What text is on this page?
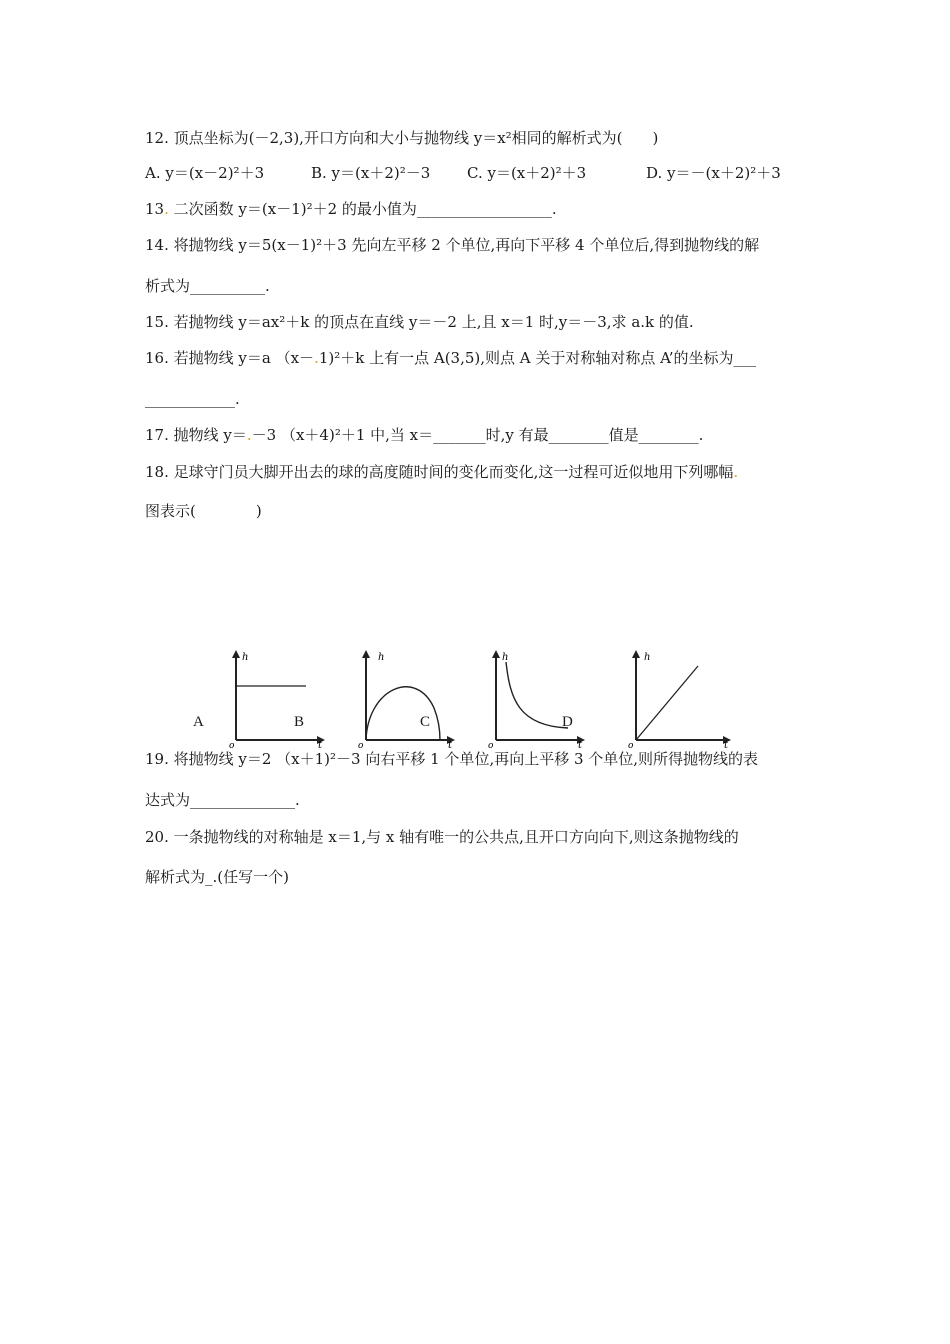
12. 顶点坐标为(－2,3),开口方向和大小与抛物线 y＝x²相同的解析式为(　　)
A. y＝(x－2)²＋3	B. y＝(x＋2)²－3 C. y＝(x＋2)²＋3	D. y＝－(x＋2)²＋3
13. 二次函数 y＝(x－1)²＋2 的最小值为__________________.
14. 将抛物线 y＝5(x－1)²＋3 先向左平移 2 个单位,再向下平移 4 个单位后,得到抛物线的解
析式为__________.
15. 若抛物线 y＝ax²＋k 的顶点在直线 y＝－2 上,且 x＝1 时,y＝－3,求 a.k 的值.
16. 若抛物线 y＝a （x－.1)²＋k 上有一点 A(3,5),则点 A 关于对称轴对称点 A’的坐标为___
____________.
17. 抛物线 y＝.－3 （x＋4)²＋1 中,当 x＝_______时,y 有最________值是________.
18. 足球守门员大脚开出去的球的高度随时间的变化而变化,这一过程可近似地用下列哪幅.
图表示(　　　　)
h
o	t
A	B
h
o	t
C
h
o	t
D
h
o	t
19. 将抛物线 y＝2 （x＋1)²－3 向右平移 1 个单位,再向上平移 3 个单位,则所得抛物线的表
达式为______________.
20. 一条抛物线的对称轴是 x＝1,与 x 轴有唯一的公共点,且开口方向向下,则这条抛物线的
解析式为_.(任写一个)
